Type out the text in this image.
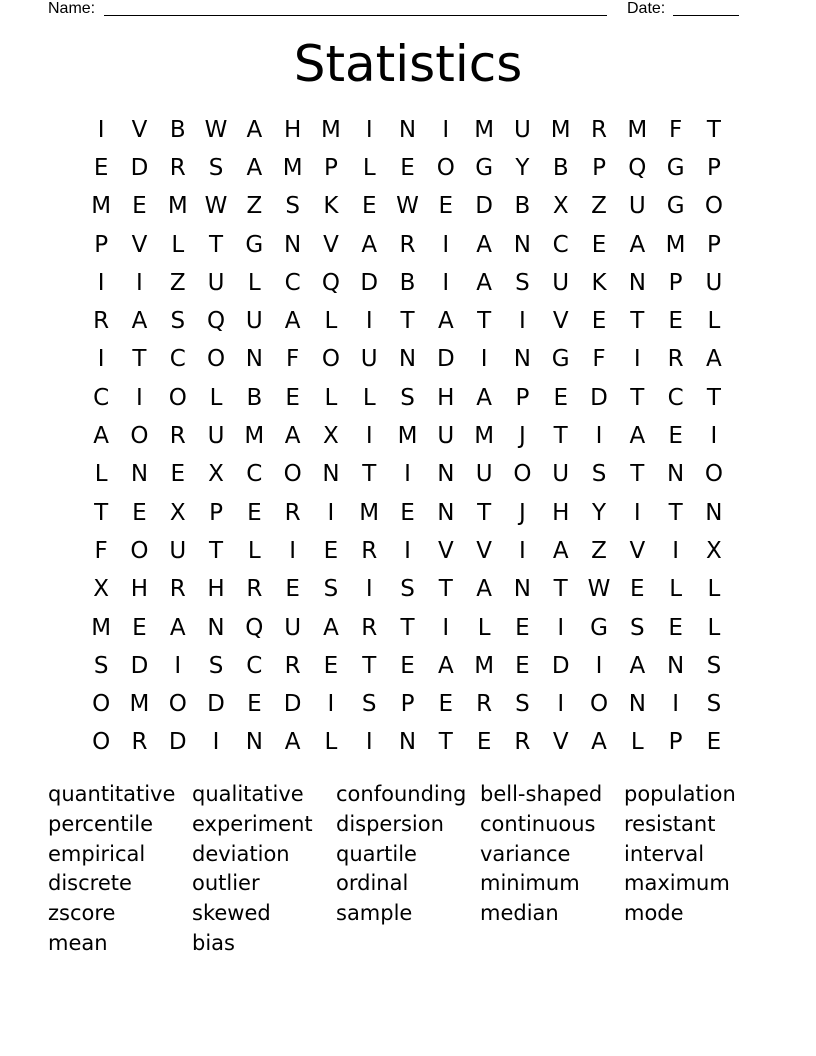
Name:	Date:
Statistics
I	V B W A H M	I	N	I	M U M R M F	T
E D R	S	A M P	L	E O G Y	B	P Q G P
M E M W Z	S	K	E W E D B X Z U G O
P	V	L	T G N V A R	I	A N C	E	A M P
I	I	Z U	L	C Q D B	I	A	S U K N P U
R A	S Q U A	L	I	T	A	T	I	V	E	T	E	L
I	T	C O N	F O U N D	I	N G F	I	R A
C	I	O L	B	E	L	L	S H A	P	E D T	C	T
A O R U M A X	I	M U M	J	T	I	A	E	I
L	N E	X C O N T	I	N U O U S	T N O
T	E	X	P	E	R	I	M E N T	J	H Y	I	T N
F O U T	L	I	E	R	I	V V	I	A Z V	I	X
X H R H R	E	S	I	S	T	A N T W E	L	L
M E	A N Q U A R	T	I	L	E	I	G S	E	L
S D	I	S C R	E	T	E	A M E D	I	A N S
O M O D E D	I	S	P	E	R	S	I	O N	I	S
O R D	I	N A	L	I	N T	E	R V A	L	P	E
quantitative qualitative	confounding bell-shaped	population
percentile	experiment	dispersion	continuous	resistant
empirical	deviation	quartile	variance	interval
discrete	outlier	ordinal	minimum	maximum
zscore	skewed	sample	median	mode
mean	bias
